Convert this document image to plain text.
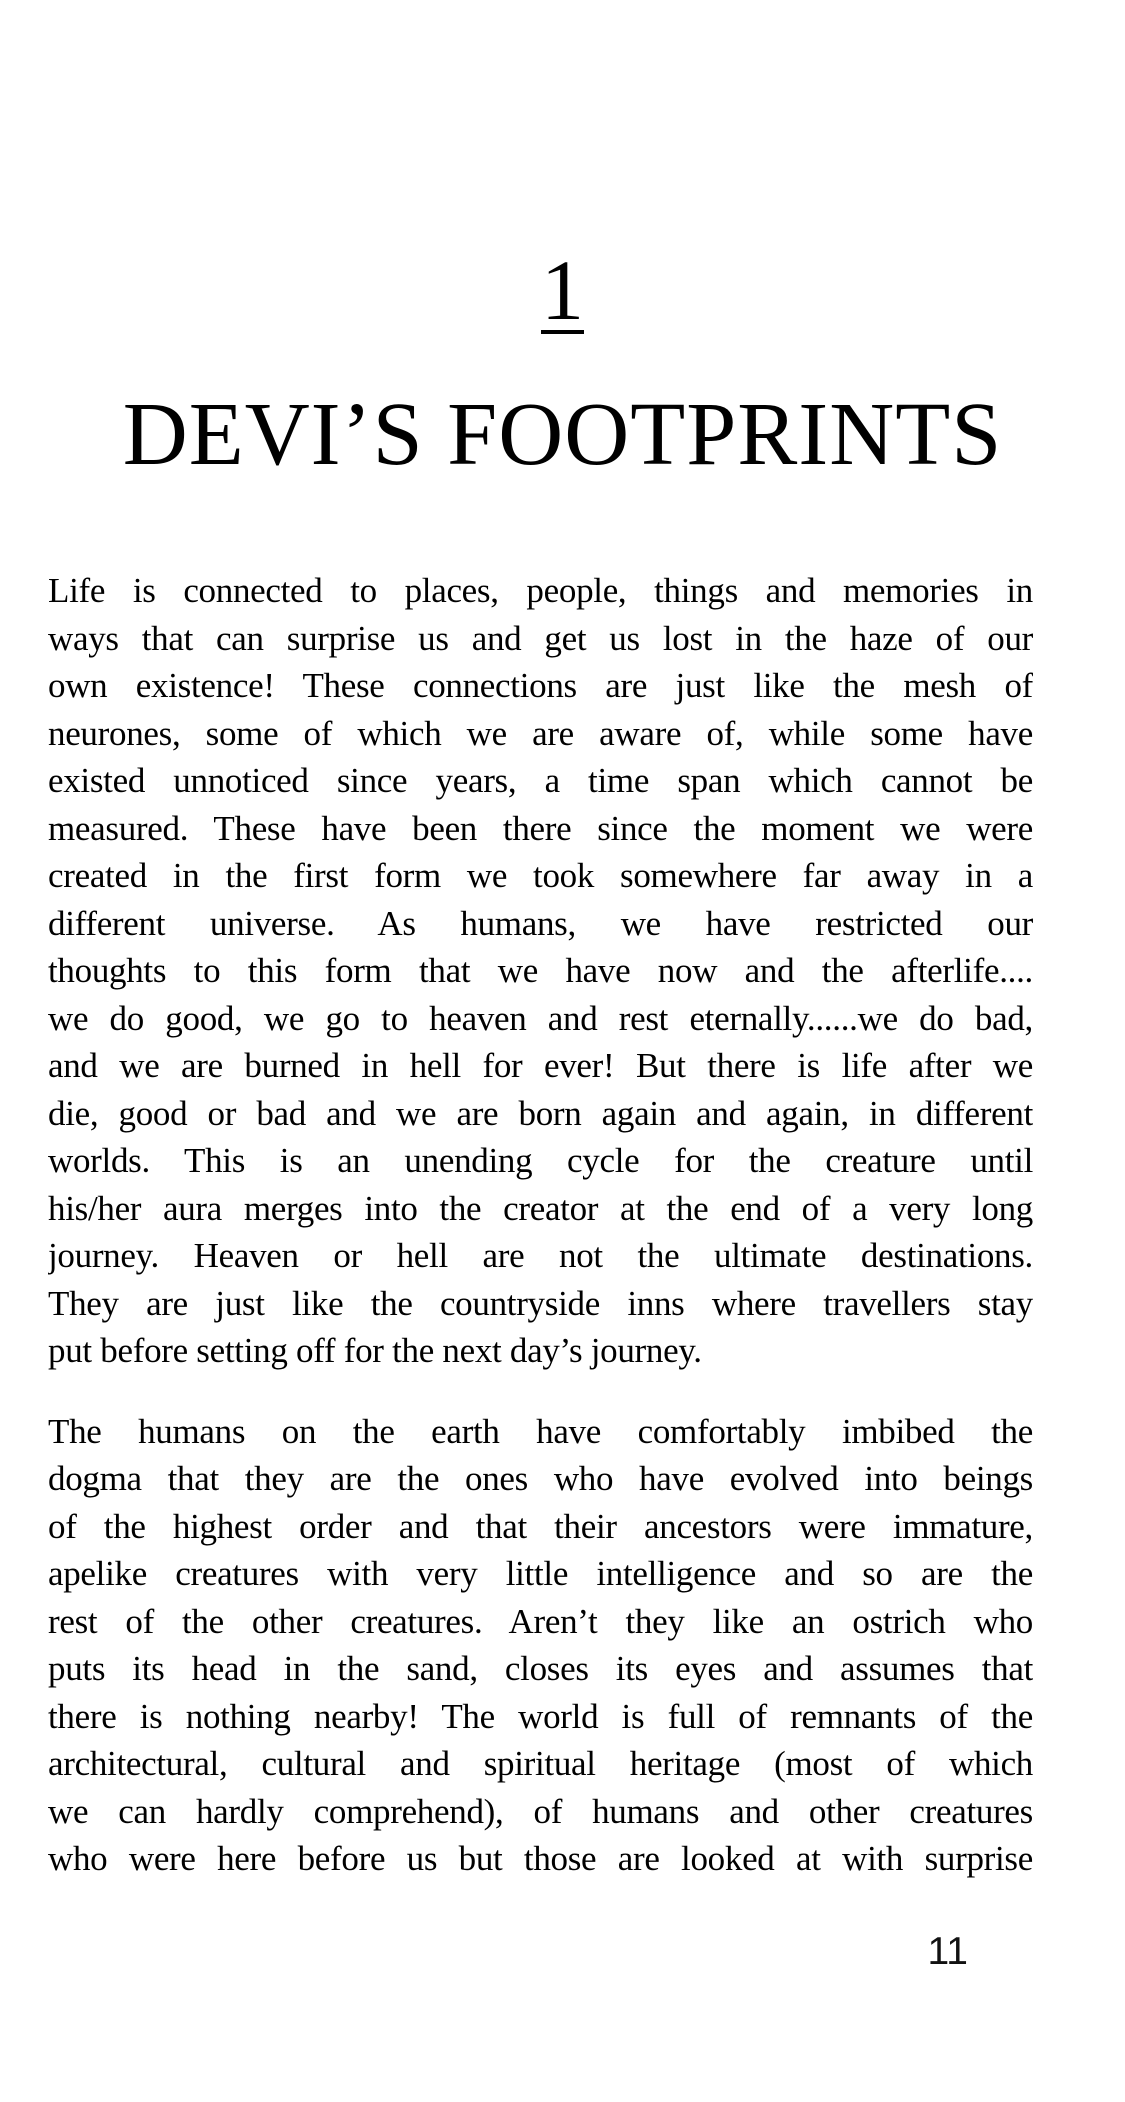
1
DEVI’S FOOTPRINTS
Life is connected to places, people, things and memories in
ways that can surprise us and get us lost in the haze of our
own existence! These connections are just like the mesh of
neurones, some of which we are aware of, while some have
existed unnoticed since years, a time span which cannot be
measured. These have been there since the moment we were
created in the first form we took somewhere far away in a
different universe. As humans, we have restricted our
thoughts to this form that we have now and the afterlife....
we do good, we go to heaven and rest eternally......we do bad,
and we are burned in hell for ever! But there is life after we
die, good or bad and we are born again and again, in different
worlds. This is an unending cycle for the creature until
his/her aura merges into the creator at the end of a very long
journey. Heaven or hell are not the ultimate destinations.
They are just like the countryside inns where travellers stay
put before setting off for the next day’s journey.
The humans on the earth have comfortably imbibed the
dogma that they are the ones who have evolved into beings
of the highest order and that their ancestors were immature,
apelike creatures with very little intelligence and so are the
rest of the other creatures. Aren’t they like an ostrich who
puts its head in the sand, closes its eyes and assumes that
there is nothing nearby! The world is full of remnants of the
architectural, cultural and spiritual heritage (most of which
we can hardly comprehend), of humans and other creatures
who were here before us but those are looked at with surprise
11
